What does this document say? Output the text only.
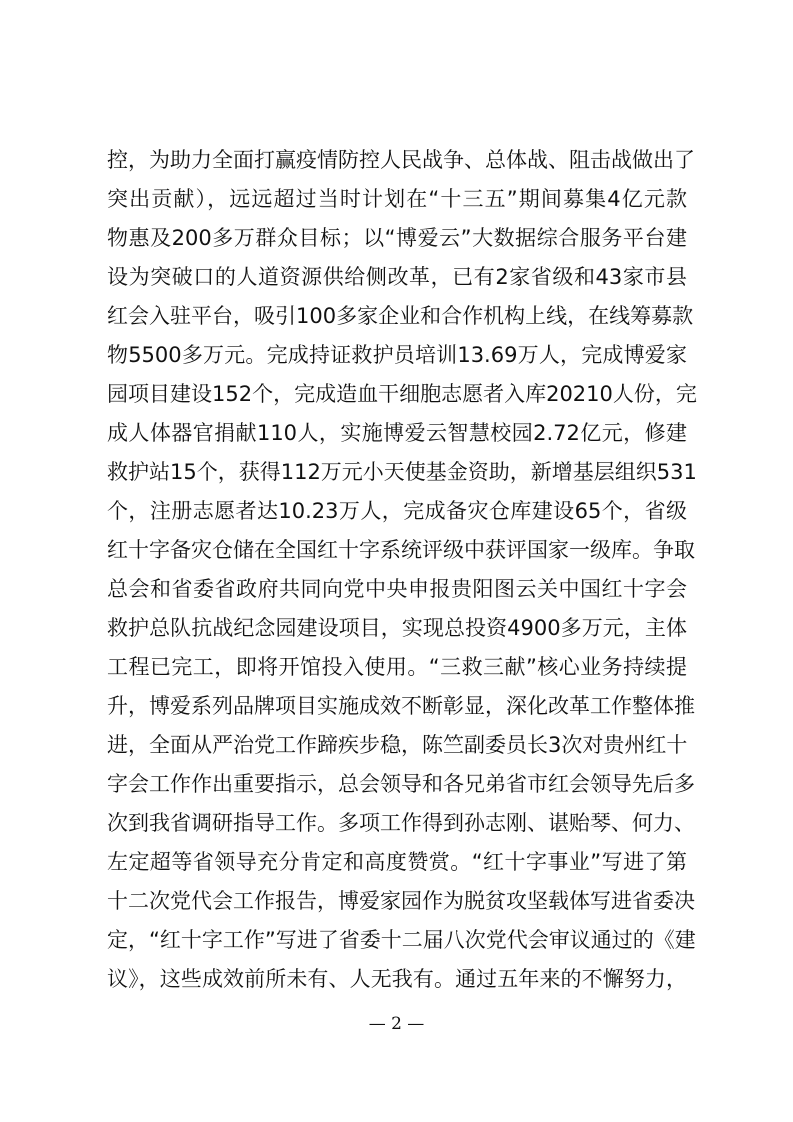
控，为助力全面打赢疫情防控人民战争、总体战、阻击战做出了
突出贡献），远远超过当时计划在“十三五”期间募集4亿元款
物惠及200多万群众目标；以“博爱云”大数据综合服务平台建
设为突破口的人道资源供给侧改革，已有2家省级和43家市县
红会入驻平台，吸引100多家企业和合作机构上线，在线筹募款
物5500多万元。完成持证救护员培训13.69万人，完成博爱家
园项目建设152个，完成造血干细胞志愿者入库20210人份，完
成人体器官捐献110人，实施博爱云智慧校园2.72亿元，修建
救护站15个，获得112万元小天使基金资助，新增基层组织531
个，注册志愿者达10.23万人，完成备灾仓库建设65个，省级
红十字备灾仓储在全国红十字系统评级中获评国家一级库。争取
总会和省委省政府共同向党中央申报贵阳图云关中国红十字会
救护总队抗战纪念园建设项目，实现总投资4900多万元，主体
工程已完工，即将开馆投入使用。“三救三献”核心业务持续提
升，博爱系列品牌项目实施成效不断彰显，深化改革工作整体推
进，全面从严治党工作蹄疾步稳，陈竺副委员长3次对贵州红十
字会工作作出重要指示，总会领导和各兄弟省市红会领导先后多
次到我省调研指导工作。多项工作得到孙志刚、谌贻琴、何力、
左定超等省领导充分肯定和高度赞赏。“红十字事业”写进了第
十二次党代会工作报告，博爱家园作为脱贫攻坚载体写进省委决
定，“红十字工作”写进了省委十二届八次党代会审议通过的《建
议》，这些成效前所未有、人无我有。通过五年来的不懈努力，
— 2 —
